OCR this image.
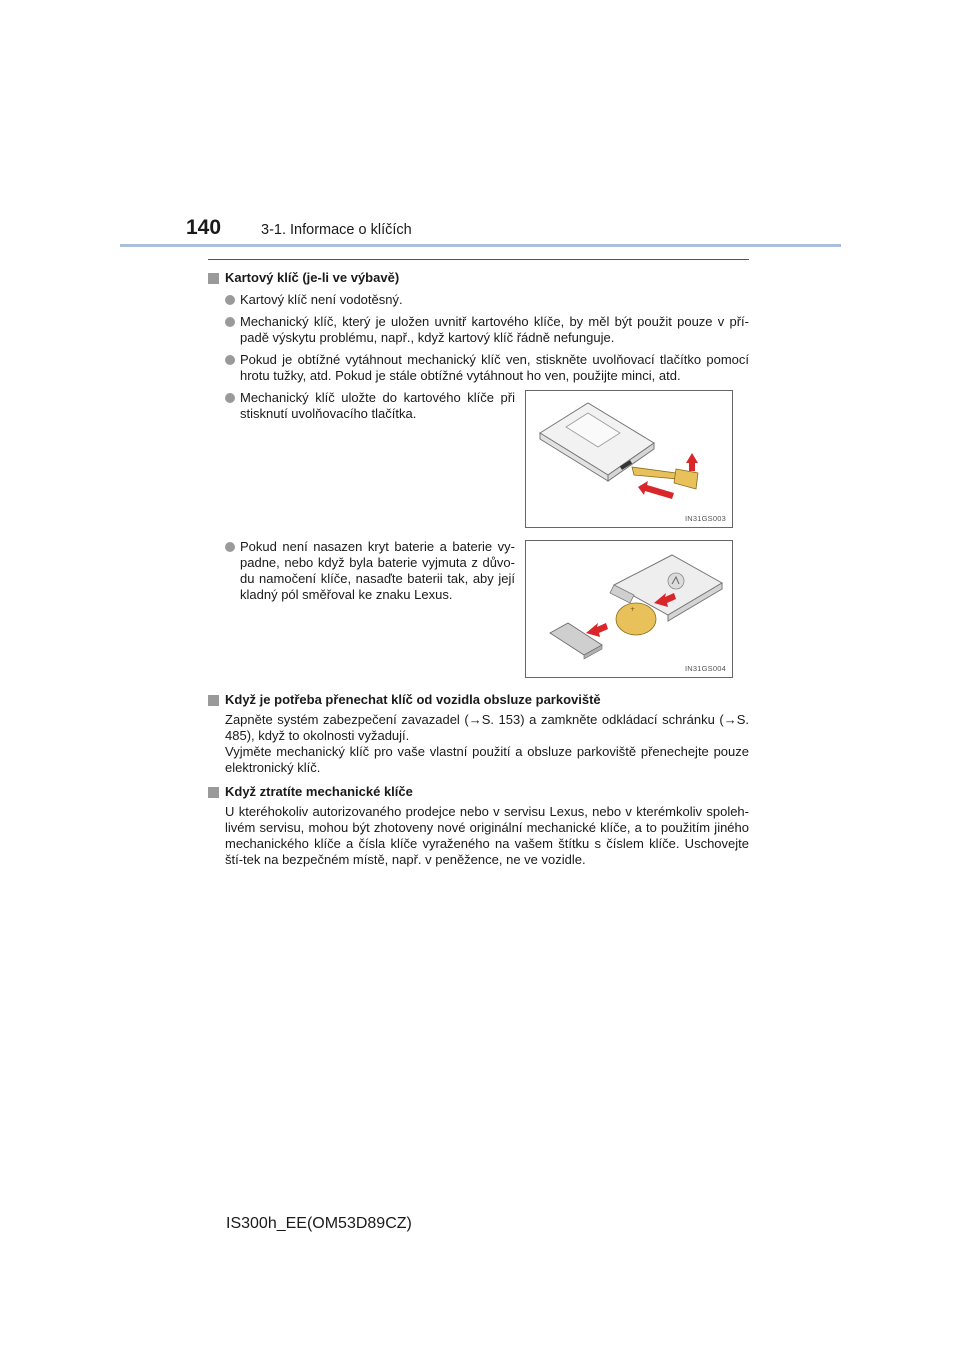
140	3-1. Informace o klíčích
Kartový klíč (je-li ve výbavě)
Kartový klíč není vodotěsný.
Mechanický klíč, který je uložen uvnitř kartového klíče, by měl být použit pouze v pří-padě výskytu problému, např., když kartový klíč řádně nefunguje.
Pokud je obtížné vytáhnout mechanický klíč ven, stiskněte uvolňovací tlačítko pomocí hrotu tužky, atd. Pokud je stále obtížné vytáhnout ho ven, použijte minci, atd.
Mechanický klíč uložte do kartového klíče při stisknutí uvolňovacího tlačítka.
IN31GS003
Pokud není nasazen kryt baterie a baterie vy-padne, nebo když byla baterie vyjmuta z důvo-du namočení klíče, nasaďte baterii tak, aby její kladný pól směřoval ke znaku Lexus.
+
IN31GS004
Když je potřeba přenechat klíč od vozidla obsluze parkoviště
Zapněte systém zabezpečení zavazadel (→S. 153) a zamkněte odkládací schránku (→S. 485), když to okolnosti vyžadují.
Vyjměte mechanický klíč pro vaše vlastní použití a obsluze parkoviště přenechejte pouze elektronický klíč.
Když ztratíte mechanické klíče
U kteréhokoliv autorizovaného prodejce nebo v servisu Lexus, nebo v kterémkoliv spoleh-livém servisu, mohou být zhotoveny nové originální mechanické klíče, a to použitím jiného mechanického klíče a čísla klíče vyraženého na vašem štítku s číslem klíče. Uschovejte ští-tek na bezpečném místě, např. v peněžence, ne ve vozidle.
IS300h_EE(OM53D89CZ)
